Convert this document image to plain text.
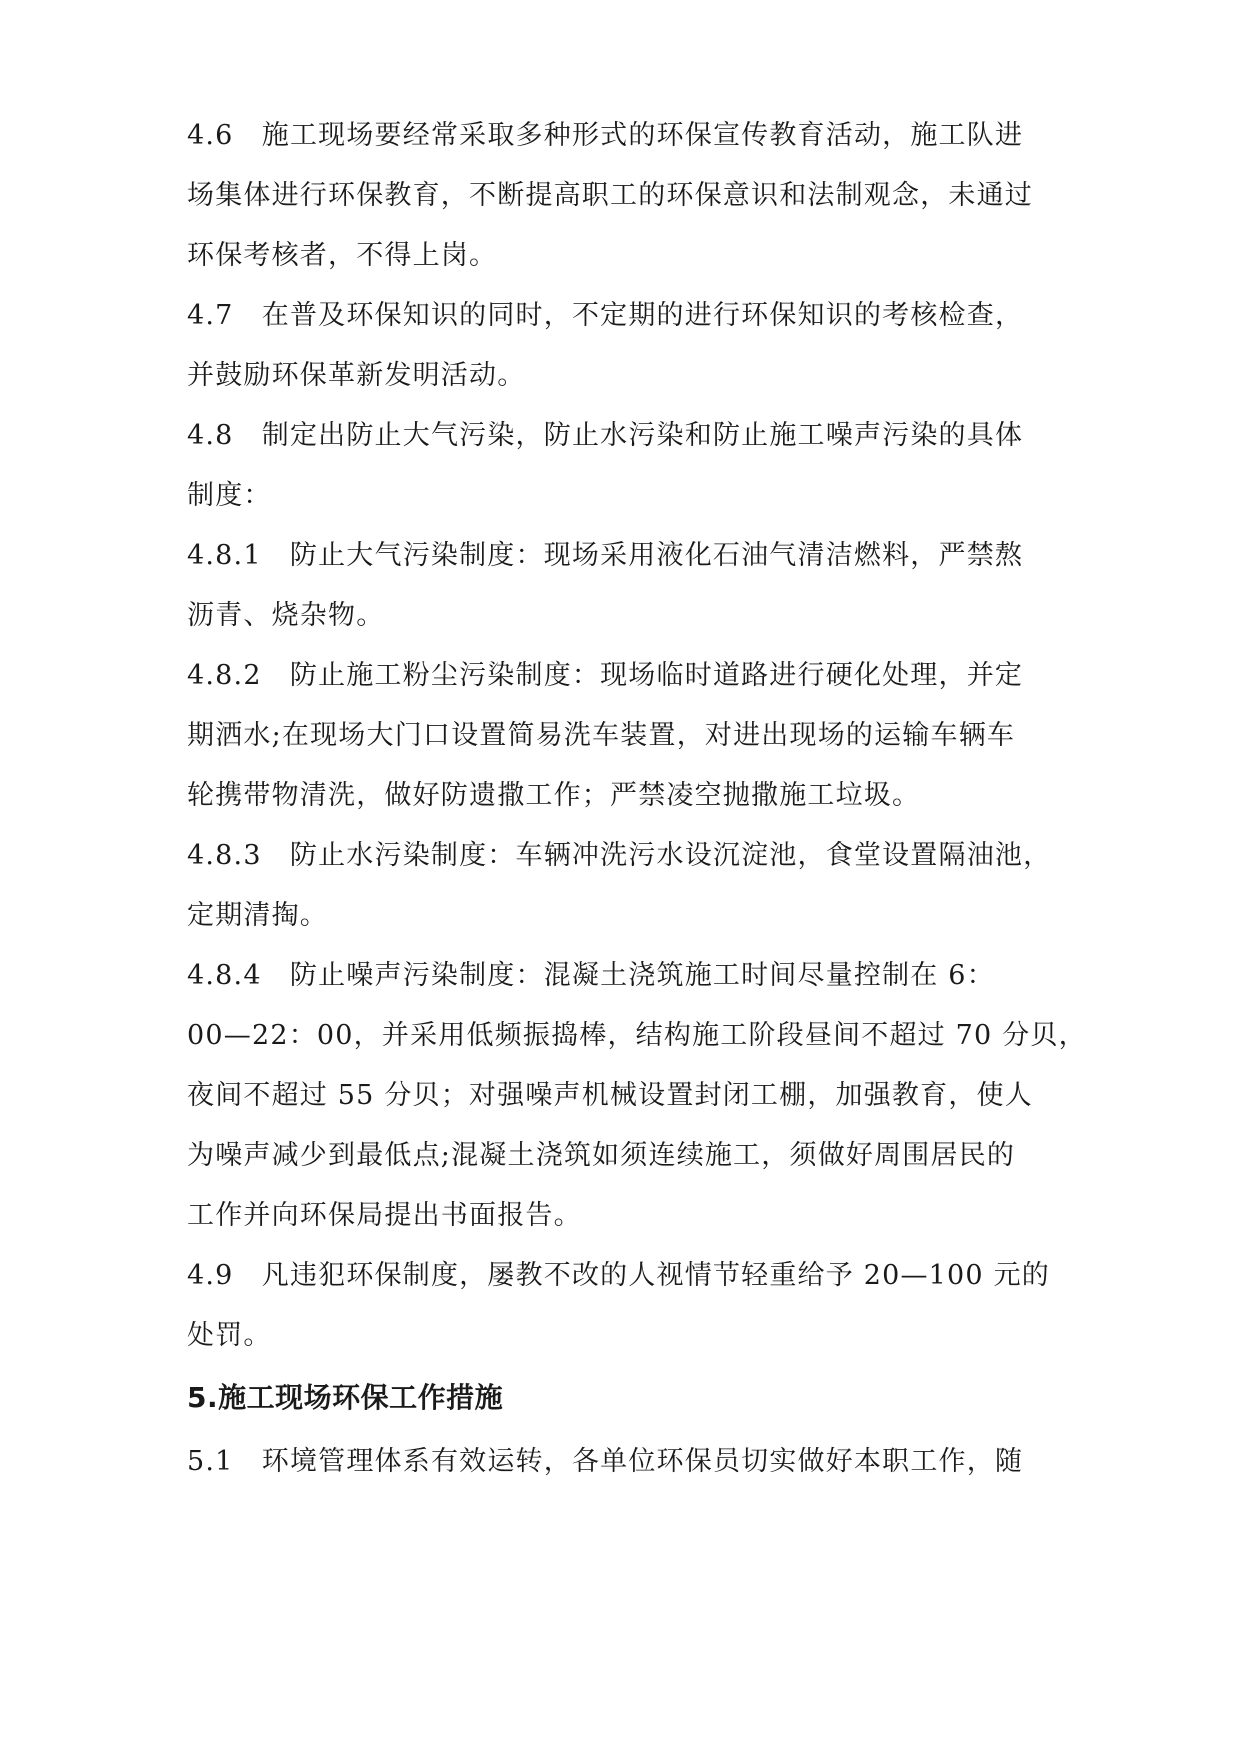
4.6　施工现场要经常采取多种形式的环保宣传教育活动，施工队进
场集体进行环保教育，不断提高职工的环保意识和法制观念，未通过
环保考核者，不得上岗。
4.7　在普及环保知识的同时，不定期的进行环保知识的考核检查，
并鼓励环保革新发明活动。
4.8　制定出防止大气污染，防止水污染和防止施工噪声污染的具体
制度：
4.8.1　防止大气污染制度：现场采用液化石油气清洁燃料，严禁熬
沥青、烧杂物。
4.8.2　防止施工粉尘污染制度：现场临时道路进行硬化处理，并定
期洒水;在现场大门口设置简易洗车装置，对进出现场的运输车辆车
轮携带物清洗，做好防遗撒工作；严禁凌空抛撒施工垃圾。
4.8.3　防止水污染制度：车辆冲洗污水设沉淀池，食堂设置隔油池，
定期清掏。
4.8.4　防止噪声污染制度：混凝土浇筑施工时间尽量控制在 6：
00—22：00，并采用低频振捣棒，结构施工阶段昼间不超过 70 分贝，
夜间不超过 55 分贝；对强噪声机械设置封闭工棚，加强教育，使人
为噪声减少到最低点;混凝土浇筑如须连续施工，须做好周围居民的
工作并向环保局提出书面报告。
4.9　凡违犯环保制度，屡教不改的人视情节轻重给予 20—100 元的
处罚。
5.施工现场环保工作措施
5.1　环境管理体系有效运转，各单位环保员切实做好本职工作，随
